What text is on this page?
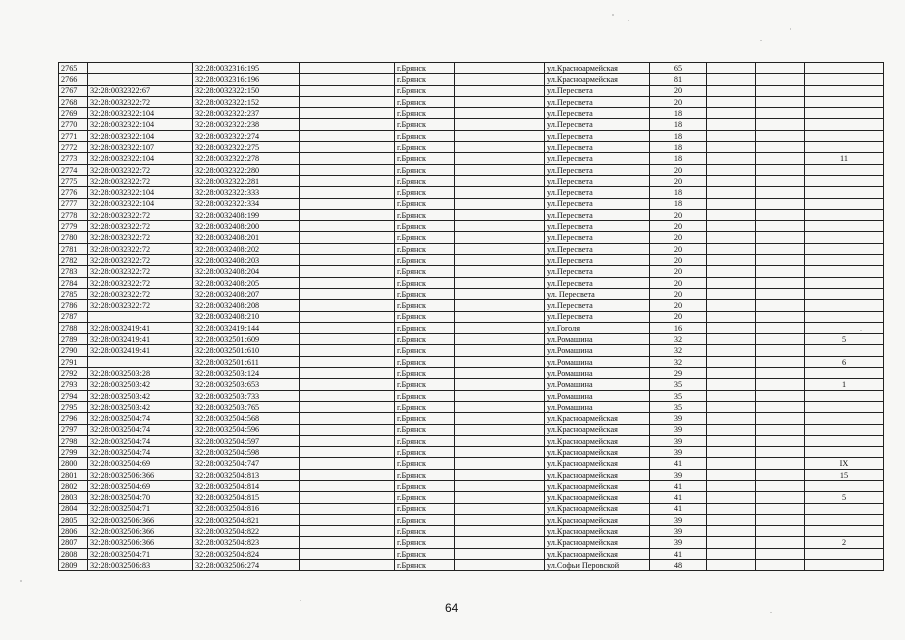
2765		32:28:0032316:195		г.Брянск		ул.Красноармейская	65			
2766		32:28:0032316:196		г.Брянск		ул.Красноармейская	81			
2767	32:28:0032322:67	32:28:0032322:150		г.Брянск		ул.Пересвета	20			
2768	32:28:0032322:72	32:28:0032322:152		г.Брянск		ул.Пересвета	20			
2769	32:28:0032322:104	32:28:0032322:237		г.Брянск		ул.Пересвета	18			
2770	32:28:0032322:104	32:28:0032322:238		г.Брянск		ул.Пересвета	18			
2771	32:28:0032322:104	32:28:0032322:274		г.Брянск		ул.Пересвета	18			
2772	32:28:0032322:107	32:28:0032322:275		г.Брянск		ул.Пересвета	18			
2773	32:28:0032322:104	32:28:0032322:278		г.Брянск		ул.Пересвета	18			11
2774	32:28:0032322:72	32:28:0032322:280		г.Брянск		ул.Пересвета	20			
2775	32:28:0032322:72	32:28:0032322:281		г.Брянск		ул.Пересвета	20			
2776	32:28:0032322:104	32:28:0032322:333		г.Брянск		ул.Пересвета	18			
2777	32:28:0032322:104	32:28:0032322:334		г.Брянск		ул.Пересвета	18			
2778	32:28:0032322:72	32:28:0032408:199		г.Брянск		ул.Пересвета	20			
2779	32:28:0032322:72	32:28:0032408:200		г.Брянск		ул.Пересвета	20			
2780	32:28:0032322:72	32:28:0032408:201		г.Брянск		ул.Пересвета	20			
2781	32:28:0032322:72	32:28:0032408:202		г.Брянск		ул.Пересвета	20			
2782	32:28:0032322:72	32:28:0032408:203		г.Брянск		ул.Пересвета	20			
2783	32:28:0032322:72	32:28:0032408:204		г.Брянск		ул.Пересвета	20			
2784	32:28:0032322:72	32:28:0032408:205		г.Брянск		ул.Пересвета	20			
2785	32:28:0032322:72	32:28:0032408:207		г.Брянск		ул. Пересвета	20			
2786	32:28:0032322:72	32:28:0032408:208		г.Брянск		ул.Пересвета	20			
2787		32:28:0032408:210		г.Брянск		ул.Пересвета	20			
2788	32:28:0032419:41	32:28:0032419:144		г.Брянск		ул.Гоголя	16			
2789	32:28:0032419:41	32:28:0032501:609		г.Брянск		ул.Ромашина	32			5
2790	32:28:0032419:41	32:28:0032501:610		г.Брянск		ул.Ромашина	32			
2791		32:28:0032501:611		г.Брянск		ул.Ромашина	32			6
2792	32:28:0032503:28	32:28:0032503:124		г.Брянск		ул.Ромашина	29			
2793	32:28:0032503:42	32:28:0032503:653		г.Брянск		ул.Ромашина	35			1
2794	32:28:0032503:42	32:28:0032503:733		г.Брянск		ул.Ромашина	35			
2795	32:28:0032503:42	32:28:0032503:765		г.Брянск		ул.Ромашина	35			
2796	32:28:0032504:74	32:28:0032504:568		г.Брянск		ул.Красноармейская	39			
2797	32:28:0032504:74	32:28:0032504:596		г.Брянск		ул.Красноармейская	39			
2798	32:28:0032504:74	32:28:0032504:597		г.Брянск		ул.Красноармейская	39			
2799	32:28:0032504:74	32:28:0032504:598		г.Брянск		ул.Красноармейская	39			
2800	32:28:0032504:69	32:28:0032504:747		г.Брянск		ул.Красноармейская	41			IX
2801	32:28:0032506:366	32:28:0032504:813		г.Брянск		ул.Красноармейская	39			15
2802	32:28:0032504:69	32:28:0032504:814		г.Брянск		ул.Красноармейская	41			
2803	32:28:0032504:70	32:28:0032504:815		г.Брянск		ул.Красноармейская	41			5
2804	32:28:0032504:71	32:28:0032504:816		г.Брянск		ул.Красноармейская	41			
2805	32:28:0032506:366	32:28:0032504:821		г.Брянск		ул.Красноармейская	39			
2806	32:28:0032506:366	32:28:0032504:822		г.Брянск		ул.Красноармейская	39			
2807	32:28:0032506:366	32:28:0032504:823		г.Брянск		ул.Красноармейская	39			2
2808	32:28:0032504:71	32:28:0032504:824		г.Брянск		ул.Красноармейская	41			
2809	32:28:0032506:83	32:28:0032506:274		г.Брянск		ул.Софьи Перовской	48			
64
